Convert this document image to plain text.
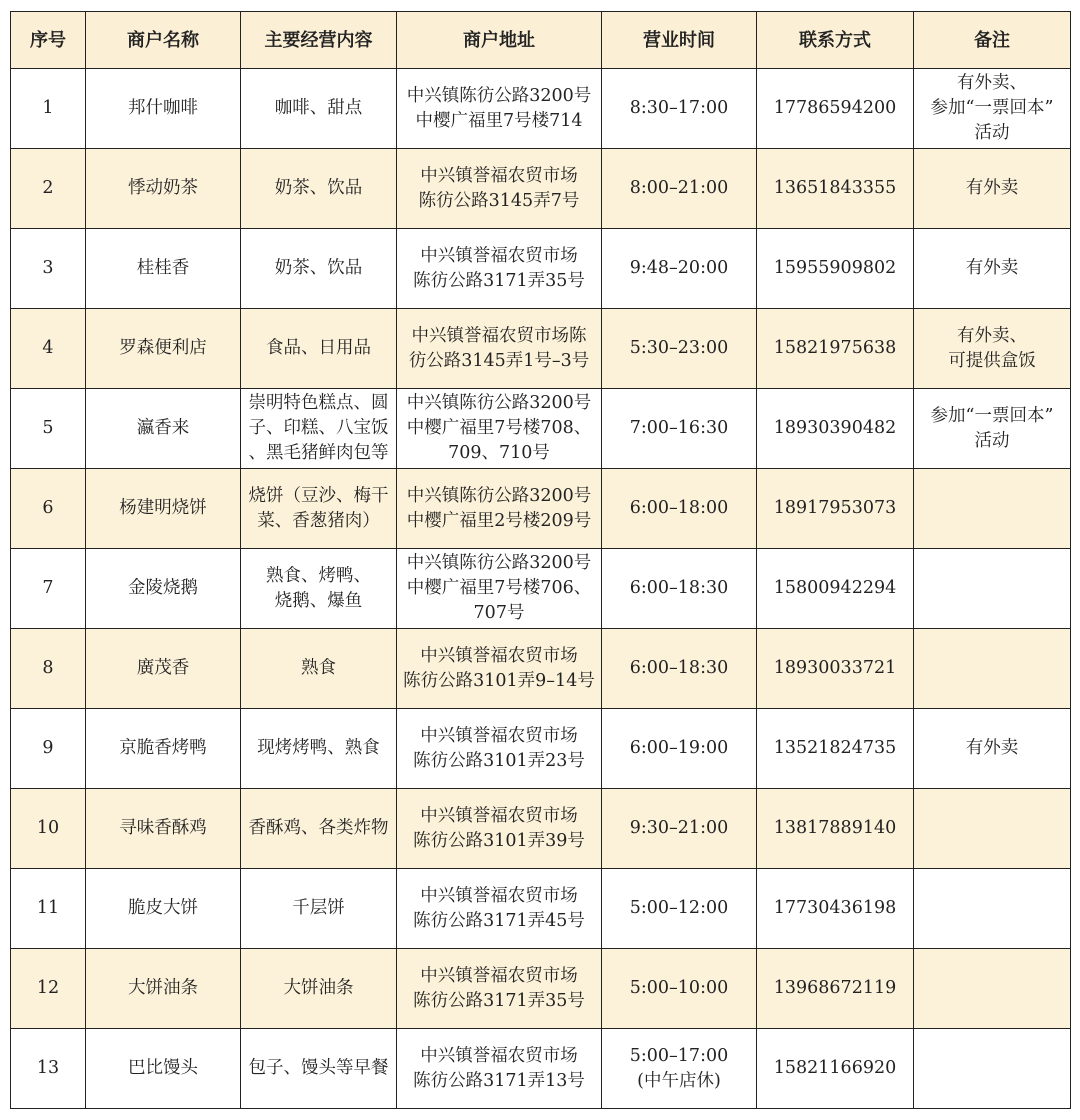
序号	商户名称	主要经营内容	商户地址	营业时间	联系方式	备注
1	邦什咖啡	咖啡、甜点	中兴镇陈彷公路3200号
中樱广福里7号楼714	8:30–17:00	17786594200	有外卖、
参加“一票回本”
活动
2	悸动奶茶	奶茶、饮品	中兴镇誉福农贸市场
陈彷公路3145弄7号	8:00–21:00	13651843355	有外卖
3	桂桂香	奶茶、饮品	中兴镇誉福农贸市场
陈彷公路3171弄35号	9:48–20:00	15955909802	有外卖
4	罗森便利店	食品、日用品	中兴镇誉福农贸市场陈
彷公路3145弄1号–3号	5:30–23:00	15821975638	有外卖、
可提供盒饭
5	瀛香来	崇明特色糕点、圆
子、印糕、八宝饭
、黑毛猪鲜肉包等	中兴镇陈彷公路3200号
中樱广福里7号楼708、
709、710号	7:00–16:30	18930390482	参加“一票回本”
活动
6	杨建明烧饼	烧饼（豆沙、梅干
菜、香葱猪肉）	中兴镇陈彷公路3200号
中樱广福里2号楼209号	6:00–18:00	18917953073	
7	金陵烧鹅	熟食、烤鸭、
烧鹅、爆鱼	中兴镇陈彷公路3200号
中樱广福里7号楼706、
707号	6:00–18:30	15800942294	
8	廣茂香	熟食	中兴镇誉福农贸市场
陈彷公路3101弄9–14号	6:00–18:30	18930033721	
9	京脆香烤鸭	现烤烤鸭、熟食	中兴镇誉福农贸市场
陈彷公路3101弄23号	6:00–19:00	13521824735	有外卖
10	寻味香酥鸡	香酥鸡、各类炸物	中兴镇誉福农贸市场
陈彷公路3101弄39号	9:30–21:00	13817889140	
11	脆皮大饼	千层饼	中兴镇誉福农贸市场
陈彷公路3171弄45号	5:00–12:00	17730436198	
12	大饼油条	大饼油条	中兴镇誉福农贸市场
陈彷公路3171弄35号	5:00–10:00	13968672119	
13	巴比馒头	包子、馒头等早餐	中兴镇誉福农贸市场
陈彷公路3171弄13号	5:00–17:00
(中午店休)	15821166920	
